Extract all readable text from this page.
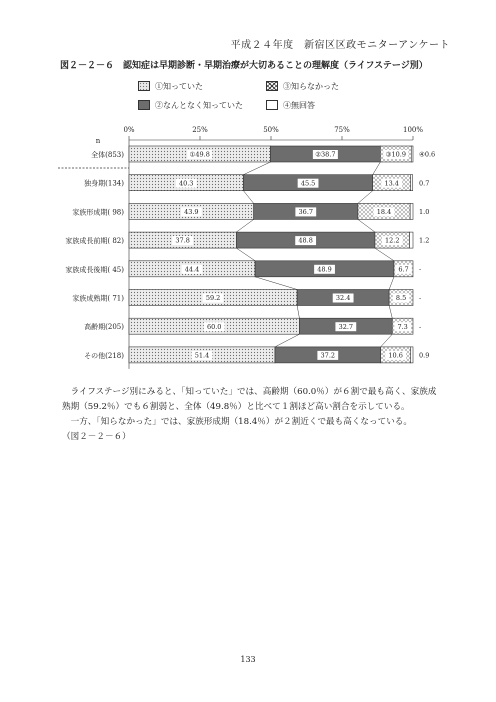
平成２４年度　新宿区区政モニターアンケート
図２－２－６　認知症は早期診断・早期治療が大切あることの理解度（ライフステージ別）
①知っていた	③知らなかった
②なんとなく知っていた	④無回答
0%	25%	50%	75%	100%
n
全体(853)	①49.8	②38.7	③10.9 ④0.6
独身期(134)	40.3	45.5	13.4	0.7
家族形成期( 98)	43.9	36.7	18.4	1.0
家族成長前期( 82)	37.8	48.8	12.2	1.2
家族成長後期( 45)	44.4	48.9	6.7 -
家族成熟期( 71)	59.2	32.4	8.5 -
高齢期(205)	60.0	32.7	7.3 -
その他(218)	51.4	37.2	10.6 0.9

ライフステージ別にみると、「知っていた」では、高齢期（60.0％）が６割で最も高く、家族成熟期（59.2％）でも６割弱と、全体（49.8％）と比べて１割ほど高い割合を示している。

一方、「知らなかった」では、家族形成期（18.4％）が２割近くで最も高くなっている。

（図２－２－６）

133
